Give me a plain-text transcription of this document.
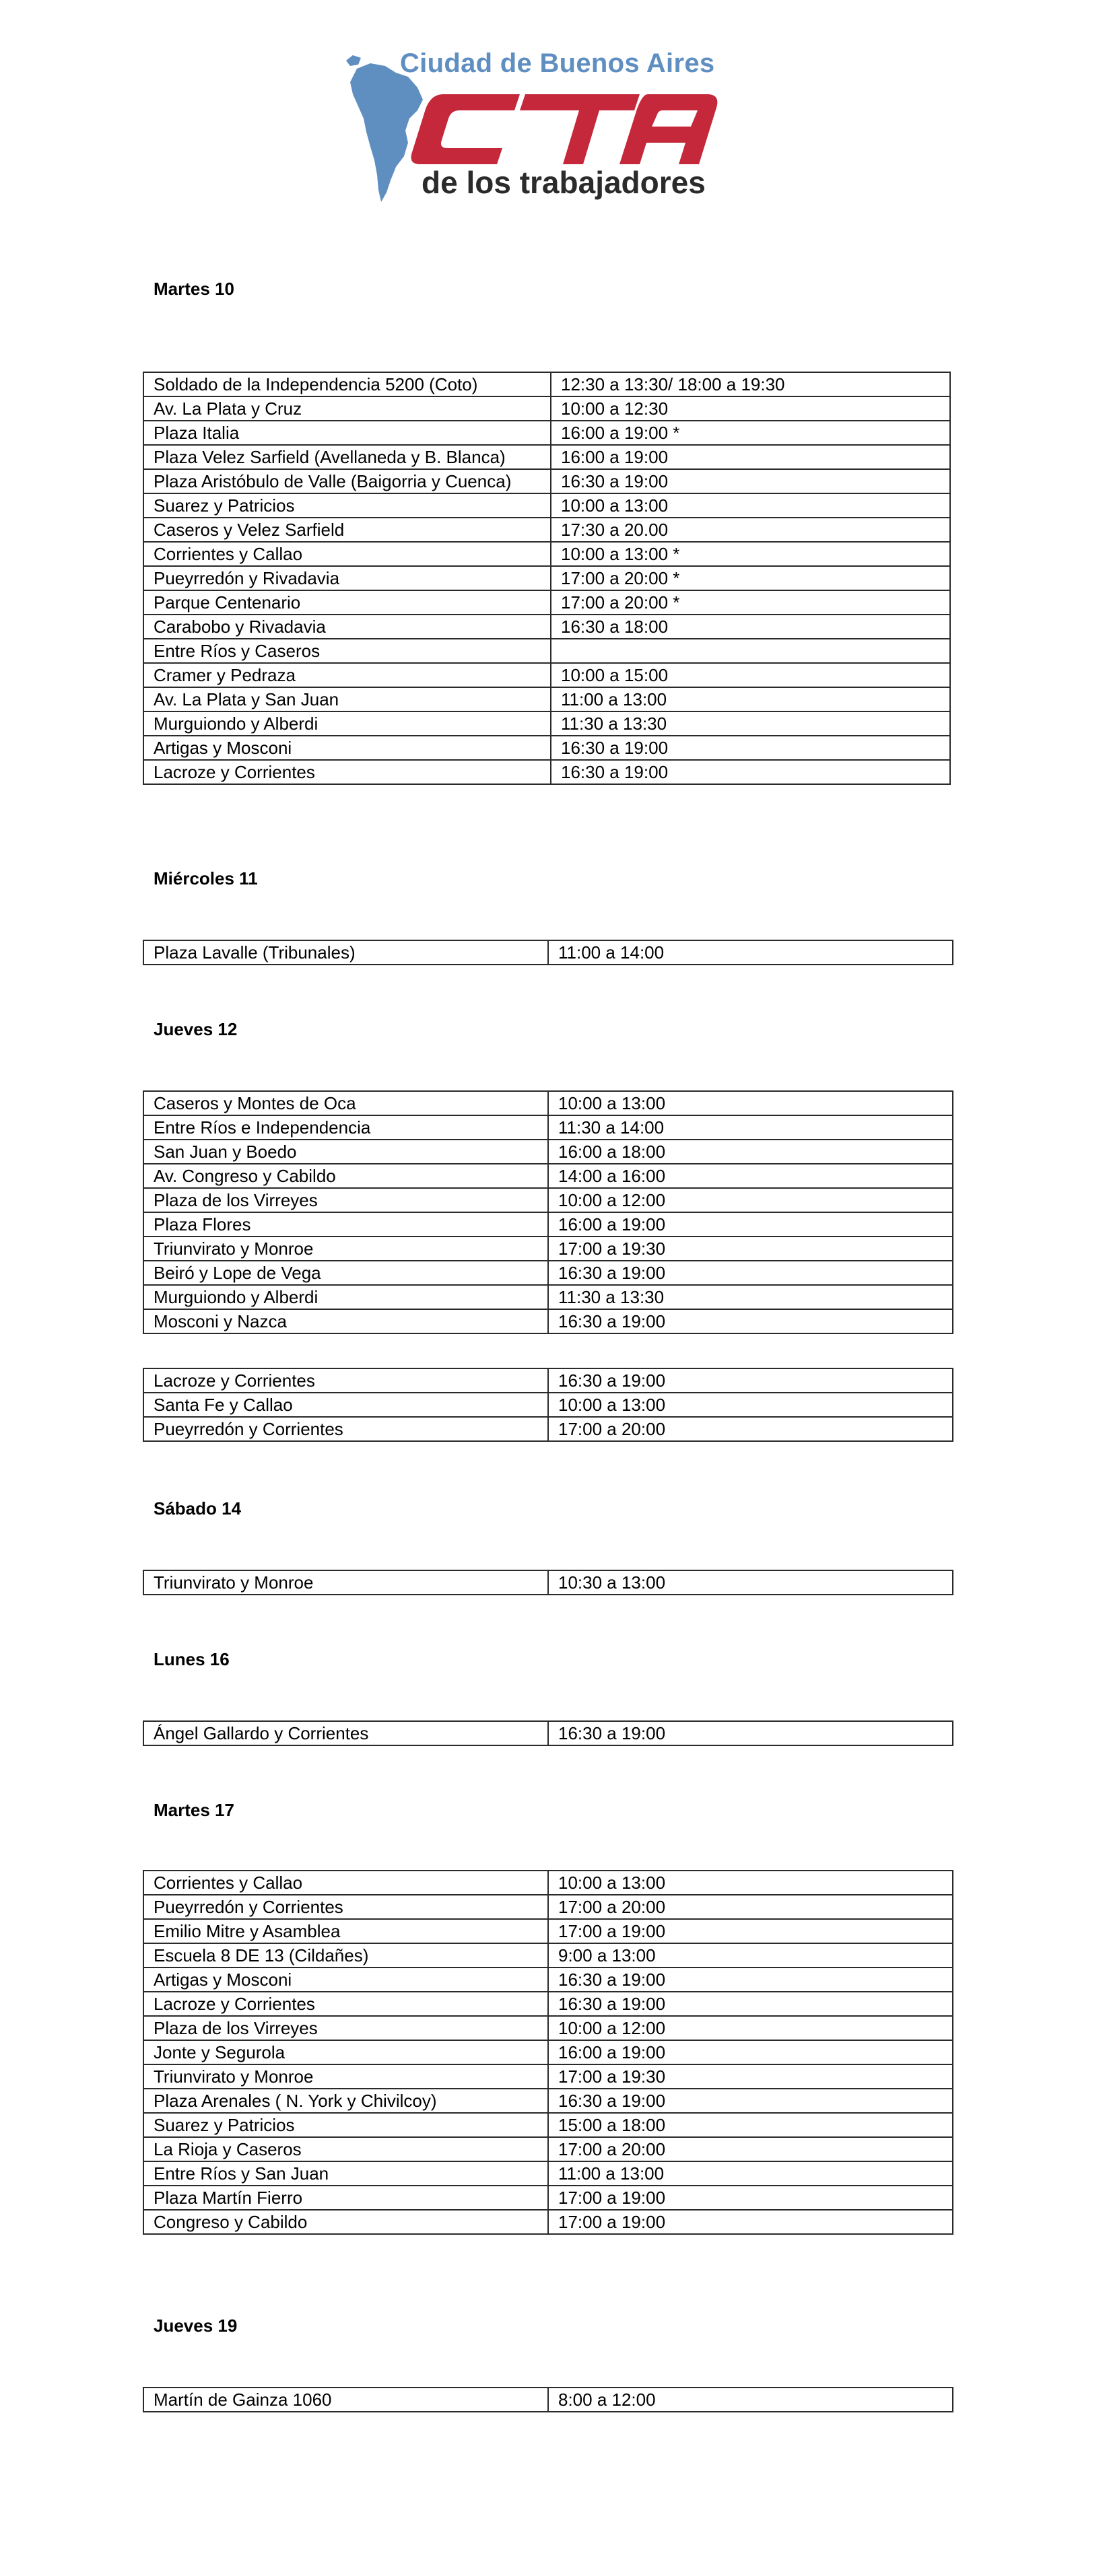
Ciudad de Buenos Aires
de los trabajadores
Martes 10
Soldado de la Independencia 5200 (Coto)	12:30 a 13:30/ 18:00 a 19:30
Av. La Plata y Cruz	10:00 a 12:30
Plaza Italia	16:00 a 19:00 *
Plaza Velez Sarfield (Avellaneda y B. Blanca)	16:00 a 19:00
Plaza Aristóbulo de Valle (Baigorria y Cuenca)	16:30 a 19:00
Suarez y Patricios	10:00 a 13:00
Caseros y Velez Sarfield	17:30 a 20.00
Corrientes y Callao	10:00 a 13:00 *
Pueyrredón y Rivadavia	17:00 a 20:00 *
Parque Centenario	17:00 a 20:00 *
Carabobo y Rivadavia	16:30 a 18:00
Entre Ríos y Caseros	
Cramer y Pedraza	10:00 a 15:00
Av. La Plata y San Juan	11:00 a 13:00
Murguiondo y Alberdi	11:30 a 13:30
Artigas y Mosconi	16:30 a 19:00
Lacroze y Corrientes	16:30 a 19:00
Miércoles 11
Plaza Lavalle (Tribunales)	11:00 a 14:00
Jueves 12
Caseros y Montes de Oca	10:00 a 13:00
Entre Ríos e Independencia	11:30 a 14:00
San Juan y Boedo	16:00 a 18:00
Av. Congreso y Cabildo	14:00 a 16:00
Plaza de los Virreyes	10:00 a 12:00
Plaza Flores	16:00 a 19:00
Triunvirato y Monroe	17:00 a 19:30
Beiró y Lope de Vega	16:30 a 19:00
Murguiondo y Alberdi	11:30 a 13:30
Mosconi y Nazca	16:30 a 19:00
Lacroze y Corrientes	16:30 a 19:00
Santa Fe y Callao	10:00 a 13:00
Pueyrredón y Corrientes	17:00 a 20:00
Sábado 14
Triunvirato y Monroe	10:30 a 13:00
Lunes 16
Ángel Gallardo y Corrientes	16:30 a 19:00
Martes 17
Corrientes y Callao	10:00 a 13:00
Pueyrredón y Corrientes	17:00 a 20:00
Emilio Mitre y Asamblea	17:00 a 19:00
Escuela 8 DE 13 (Cildañes)	9:00 a 13:00
Artigas y Mosconi	16:30 a 19:00
Lacroze y Corrientes	16:30 a 19:00
Plaza de los Virreyes	10:00 a 12:00
Jonte y Segurola	16:00 a 19:00
Triunvirato y Monroe	17:00 a 19:30
Plaza Arenales ( N. York y Chivilcoy)	16:30 a 19:00
Suarez y Patricios	15:00 a 18:00
La Rioja y Caseros	17:00 a 20:00
Entre Ríos y San Juan	11:00 a 13:00
Plaza Martín Fierro	17:00 a 19:00
Congreso y Cabildo	17:00 a 19:00
Jueves 19
Martín de Gainza 1060	8:00 a 12:00
